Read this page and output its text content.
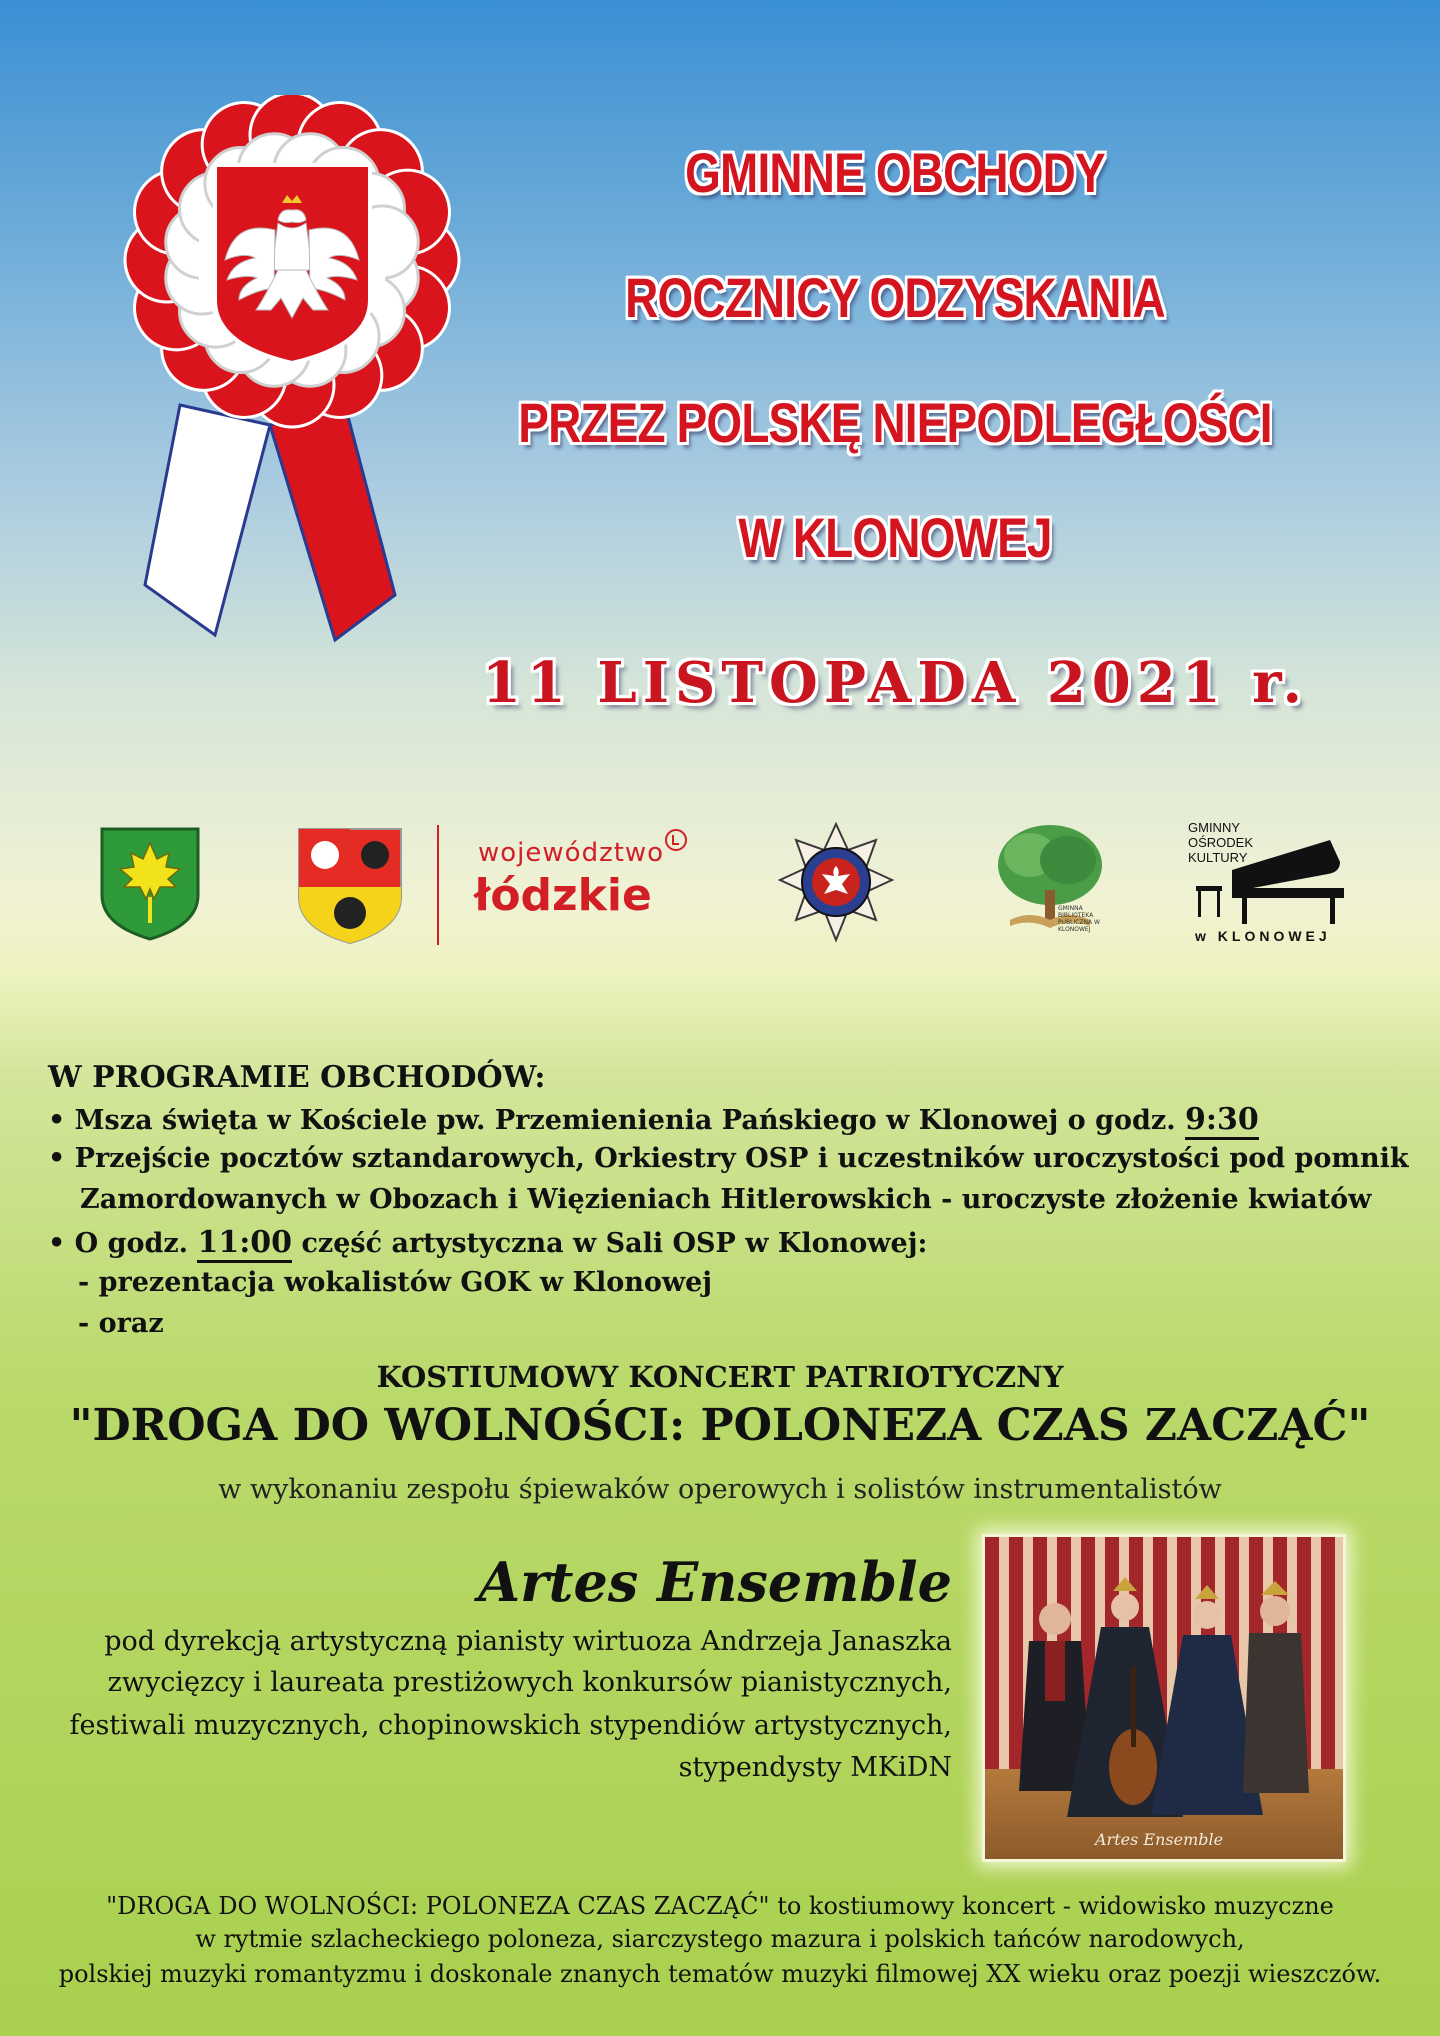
GMINNE OBCHODY
ROCZNICY ODZYSKANIA
PRZEZ POLSKĘ NIEPODLEGŁOŚCI
W KLONOWEJ
11 LISTOPADA 2021 r.
województwo
łódzkie	GMINNA BIBLIOTEKA PUBLICZNA W KLONOWEJ
GMINNY OŚRODEK KULTURY
w KLONOWEJ
W PROGRAMIE OBCHODÓW:
• Msza święta w Kościele pw. Przemienienia Pańskiego w Klonowej o godz. 9:30
• Przejście pocztów sztandarowych, Orkiestry OSP i uczestników uroczystości pod pomnik
Zamordowanych w Obozach i Więzieniach Hitlerowskich - uroczyste złożenie kwiatów
• O godz. 11:00 część artystyczna w Sali OSP w Klonowej:
- prezentacja wokalistów GOK w Klonowej
- oraz
KOSTIUMOWY KONCERT PATRIOTYCZNY
"DROGA DO WOLNOŚCI: POLONEZA CZAS ZACZĄĆ"
w wykonaniu zespołu śpiewaków operowych i solistów instrumentalistów
Artes Ensemble
pod dyrekcją artystyczną pianisty wirtuoza Andrzeja Janaszka
zwycięzcy i laureata prestiżowych konkursów pianistycznych,
festiwali muzycznych, chopinowskich stypendiów artystycznych,
stypendysty MKiDN
Artes Ensemble
"DROGA DO WOLNOŚCI: POLONEZA CZAS ZACZĄĆ" to kostiumowy koncert - widowisko muzyczne
w rytmie szlacheckiego poloneza, siarczystego mazura i polskich tańców narodowych,
polskiej muzyki romantyzmu i doskonale znanych tematów muzyki filmowej XX wieku oraz poezji wieszczów.
